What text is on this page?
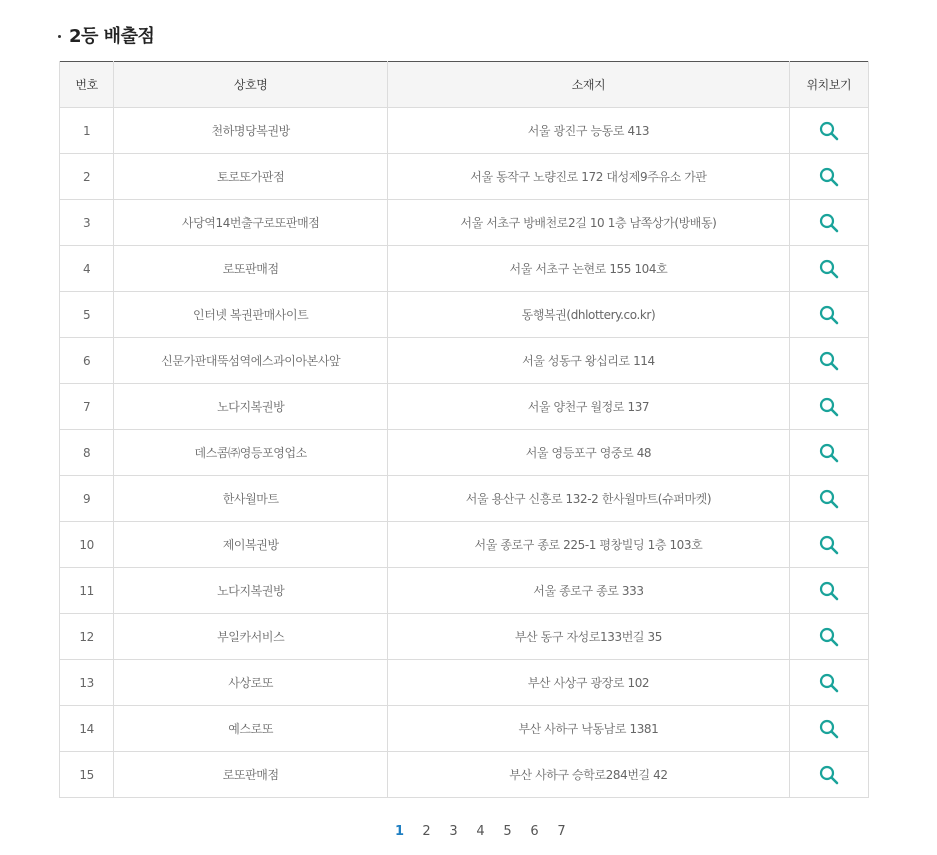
2등 배출점
번호	상호명	소재지	위치보기
1	천하명당복권방	서울 광진구 능동로 413	

2	토로또가판점	서울 동작구 노량진로 172 대성제9주유소 가판	

3	사당역14번출구로또판매점	서울 서초구 방배천로2길 10 1층 남쪽상가(방배동)	

4	로또판매점	서울 서초구 논현로 155 104호	

5	인터넷 복권판매사이트	동행복권(dhlottery.co.kr)	

6	신문가판대뚝섬역에스과이아본사앞	서울 성동구 왕십리로 114	

7	노다지복권방	서울 양천구 월정로 137	

8	데스콤㈜영등포영업소	서울 영등포구 영중로 48	

9	한사월마트	서울 용산구 신흥로 132-2 한사월마트(슈퍼마켓)	

10	제이복권방	서울 종로구 종로 225-1 평창빌딩 1층 103호	

11	노다지복권방	서울 종로구 종로 333	

12	부일카서비스	부산 동구 자성로133번길 35	

13	사상로또	부산 사상구 광장로 102	

14	예스로또	부산 사하구 낙동남로 1381	

15	로또판매점	부산 사하구 승학로284번길 42	
1 2 3 4 5 6 7
